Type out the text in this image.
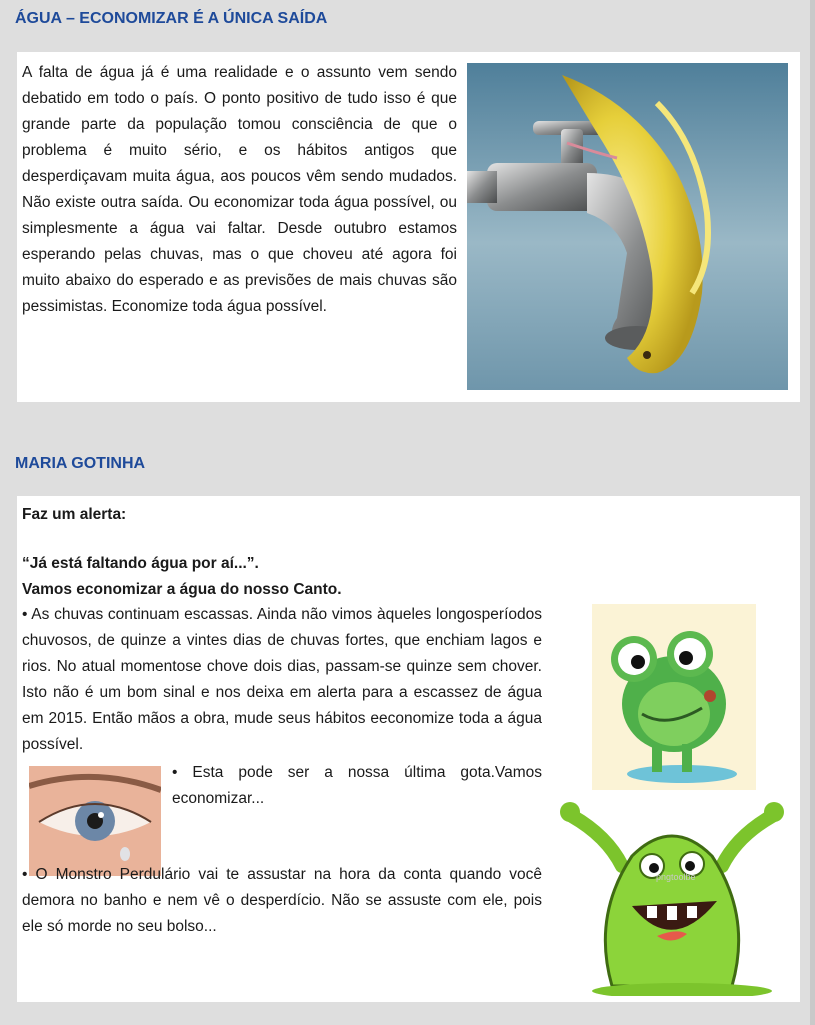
ÁGUA – ECONOMIZAR É A ÚNICA SAÍDA

A falta de água já é uma realidade e o assunto vem sendo debatido em todo o país. O ponto positivo de tudo isso é que grande parte da população tomou consciência de que o problema é muito sério, e os hábitos antigos que desperdiçavam muita água, aos poucos vêm sendo mudados. Não existe outra saída. Ou economizar toda água possível, ou simplesmente a água vai faltar. Desde outubro estamos esperando pelas chuvas, mas o que choveu até agora foi muito abaixo do esperado e as previsões de mais chuvas são pessimistas. Economize toda água possível.

MARIA GOTINHA

Faz um alerta:

“Já está faltando água por aí...”.

Vamos economizar a água do nosso Canto.

• As chuvas continuam escassas. Ainda não vimos àqueles longosperíodos chuvosos, de quinze a vintes dias de chuvas fortes, que enchiam lagos e rios. No atual momentose chove dois dias, passam-se quinze sem chover. Isto não é um bom sinal e nos deixa em alerta para a escassez de água em 2015. Então mãos a obra, mude seus hábitos eeconomize toda a água possível.

• Esta pode ser a nossa última gota.Vamos economizar...

pngtoolbe

• O Monstro Perdulário vai te assustar na hora da conta quando você demora no banho e nem vê o desperdício. Não se assuste com ele, pois ele só morde no seu bolso...
